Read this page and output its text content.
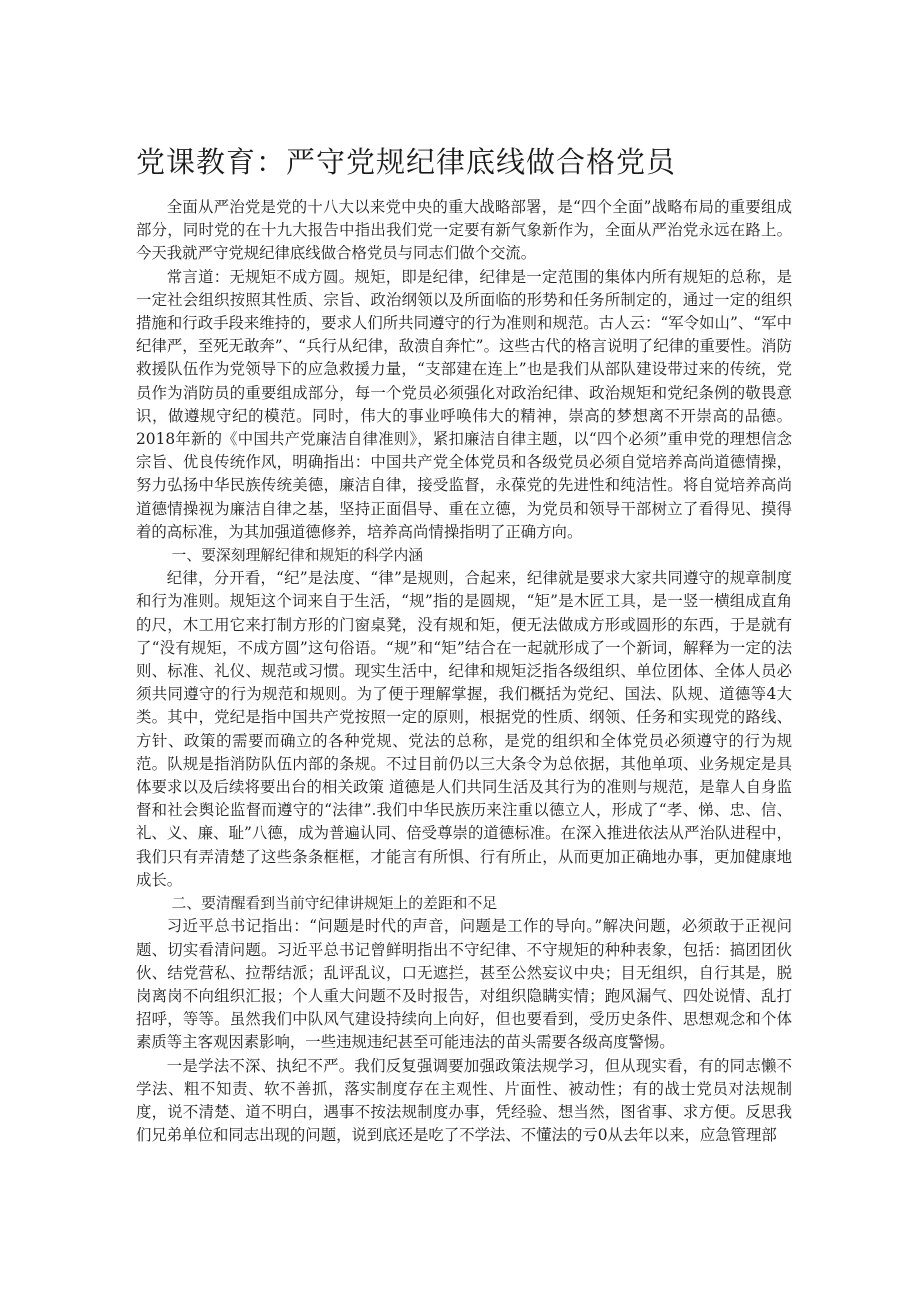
党课教育：严守党规纪律底线做合格党员

全面从严治党是党的十八大以来党中央的重大战略部署，是“四个全面”战略布局的重要组成部分，同时党的在十九大报告中指出我们党一定要有新气象新作为，全面从严治党永远在路上。今天我就严守党规纪律底线做合格党员与同志们做个交流。

常言道：无规矩不成方圆。规矩，即是纪律，纪律是一定范围的集体内所有规矩的总称，是一定社会组织按照其性质、宗旨、政治纲领以及所面临的形势和任务所制定的，通过一定的组织措施和行政手段来维持的，要求人们所共同遵守的行为准则和规范。古人云：“军令如山”、“军中纪律严，至死无敢奔”、“兵行从纪律，敌溃自奔忙”。这些古代的格言说明了纪律的重要性。消防救援队伍作为党领导下的应急救援力量，“支部建在连上”也是我们从部队建设带过来的传统，党员作为消防员的重要组成部分，每一个党员必须强化对政治纪律、政治规矩和党纪条例的敬畏意识，做遵规守纪的模范。同时，伟大的事业呼唤伟大的精神，崇高的梦想离不开崇高的品德。2018年新的《中国共产党廉洁自律准则》，紧扣廉洁自律主题，以“四个必须”重申党的理想信念宗旨、优良传统作风，明确指出：中国共产党全体党员和各级党员必须自觉培养高尚道德情操，努力弘扬中华民族传统美德，廉洁自律，接受监督，永葆党的先进性和纯洁性。将自觉培养高尚道德情操视为廉洁自律之基，坚持正面倡导、重在立德，为党员和领导干部树立了看得见、摸得着的高标准，为其加强道德修养，培养高尚情操指明了正确方向。

一、要深刻理解纪律和规矩的科学内涵

纪律，分开看，“纪”是法度、“律”是规则，合起来，纪律就是要求大家共同遵守的规章制度和行为准则。规矩这个词来自于生活，“规”指的是圆规，“矩”是木匠工具，是一竖一横组成直角的尺，木工用它来打制方形的门窗桌凳，没有规和矩，便无法做成方形或圆形的东西，于是就有了“没有规矩，不成方圆”这句俗语。“规”和“矩”结合在一起就形成了一个新词，解释为一定的法则、标准、礼仪、规范或习惯。现实生活中，纪律和规矩泛指各级组织、单位团体、全体人员必须共同遵守的行为规范和规则。为了便于理解掌握，我们概括为党纪、国法、队规、道德等4大类。其中，党纪是指中国共产党按照一定的原则，根据党的性质、纲领、任务和实现党的路线、方针、政策的需要而确立的各种党规、党法的总称，是党的组织和全体党员必须遵守的行为规范。队规是指消防队伍内部的条规。不过目前仍以三大条令为总依据，其他单项、业务规定是具体要求以及后续将要出台的相关政策 道德是人们共同生活及其行为的准则与规范，是靠人自身监督和社会舆论监督而遵守的“法律”.我们中华民族历来注重以德立人，形成了“孝、悌、忠、信、礼、义、廉、耻”八德，成为普遍认同、倍受尊崇的道德标准。在深入推进依法从严治队进程中，我们只有弄清楚了这些条条框框，才能言有所惧、行有所止，从而更加正确地办事，更加健康地成长。

二、要清醒看到当前守纪律讲规矩上的差距和不足

习近平总书记指出：“问题是时代的声音，问题是工作的导向。”解决问题，必须敢于正视问题、切实看清问题。习近平总书记曾鲜明指出不守纪律、不守规矩的种种表象，包括：搞团团伙伙、结党营私、拉帮结派；乱评乱议，口无遮拦，甚至公然妄议中央；目无组织，自行其是，脱岗离岗不向组织汇报；个人重大问题不及时报告，对组织隐瞒实情；跑风漏气、四处说情、乱打招呼，等等。虽然我们中队风气建设持续向上向好，但也要看到，受历史条件、思想观念和个体素质等主客观因素影响，一些违规违纪甚至可能违法的苗头需要各级高度警惕。

一是学法不深、执纪不严。我们反复强调要加强政策法规学习，但从现实看，有的同志懒不学法、粗不知责、软不善抓，落实制度存在主观性、片面性、被动性；有的战士党员对法规制度，说不清楚、道不明白，遇事不按法规制度办事，凭经验、想当然，图省事、求方便。反思我们兄弟单位和同志出现的问题，说到底还是吃了不学法、不懂法的亏0从去年以来，应急管理部
